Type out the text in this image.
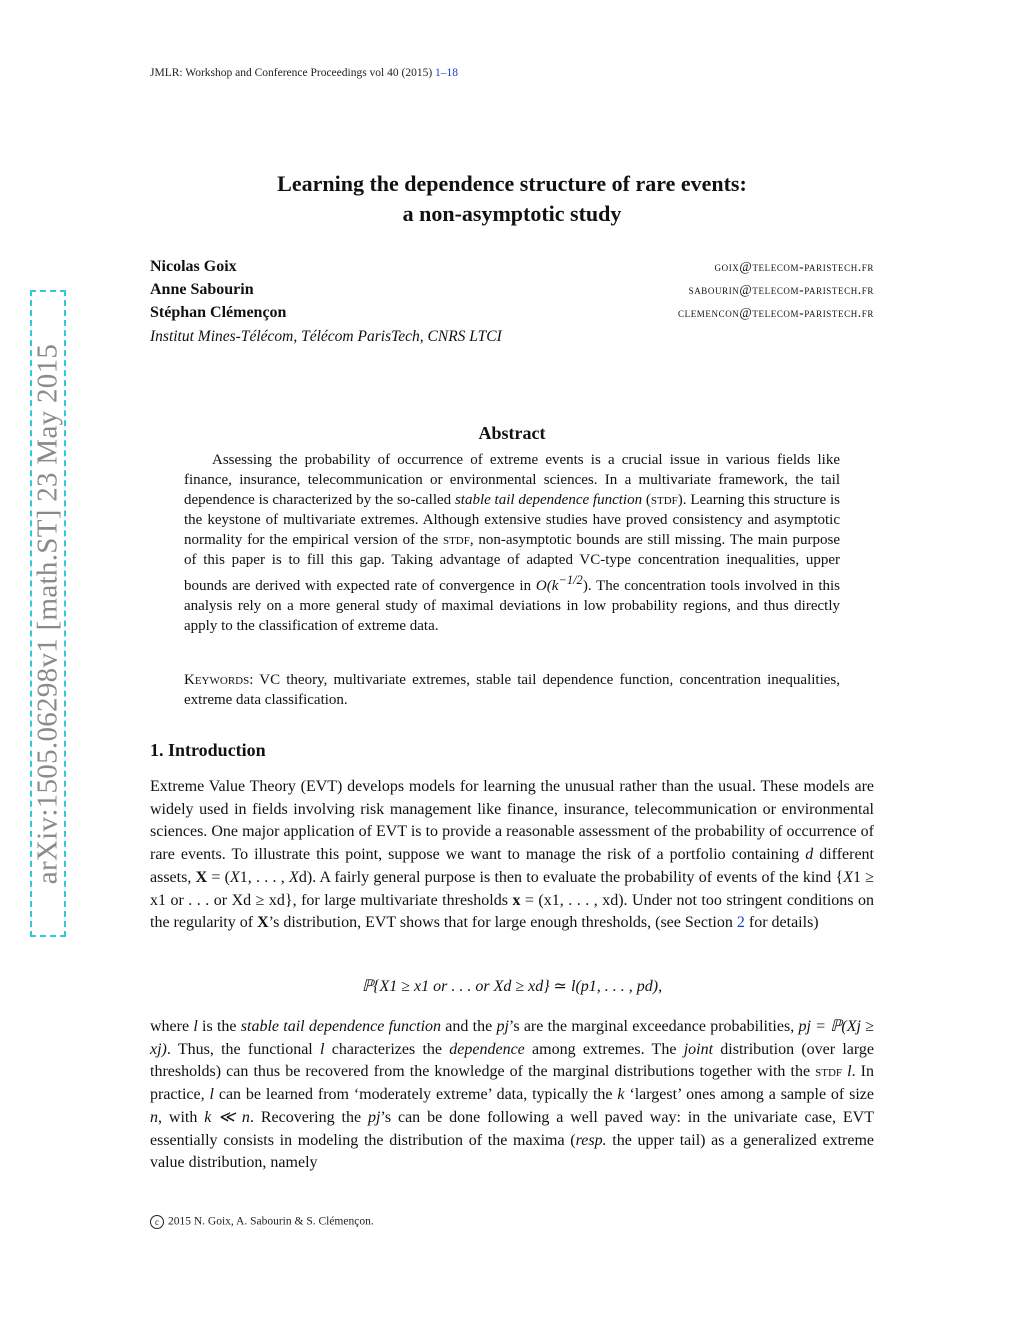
arXiv:1505.06298v1 [math.ST] 23 May 2015
JMLR: Workshop and Conference Proceedings vol 40 (2015) 1–18
Learning the dependence structure of rare events:
a non-asymptotic study
Nicolas Goix	goix@telecom-paristech.fr
Anne Sabourin	sabourin@telecom-paristech.fr
Stéphan Clémençon	clemencon@telecom-paristech.fr
Institut Mines-Télécom, Télécom ParisTech, CNRS LTCI
Abstract

Assessing the probability of occurrence of extreme events is a crucial issue in various fields like finance, insurance, telecommunication or environmental sciences. In a multivariate framework, the tail dependence is characterized by the so-called stable tail dependence function (stdf). Learning this structure is the keystone of multivariate extremes. Although extensive studies have proved consistency and asymptotic normality for the empirical version of the stdf, non-asymptotic bounds are still missing. The main purpose of this paper is to fill this gap. Taking advantage of adapted VC-type concentration inequalities, upper bounds are derived with expected rate of convergence in $O(k^{-1/2})$. The concentration tools involved in this analysis rely on a more general study of maximal deviations in low probability regions, and thus directly apply to the classification of extreme data.

Keywords: VC theory, multivariate extremes, stable tail dependence function, concentration inequalities, extreme data classification.
1. Introduction
Extreme Value Theory (EVT) develops models for learning the unusual rather than the usual. These models are widely used in fields involving risk management like finance, insurance, telecommunication or environmental sciences. One major application of EVT is to provide a reasonable assessment of the probability of occurrence of rare events. To illustrate this point, suppose we want to manage the risk of a portfolio containing d different assets, X = (X1, . . . , Xd). A fairly general purpose is then to evaluate the probability of events of the kind {X1 ≥ x1 or . . . or Xd ≥ xd}, for large multivariate thresholds x = (x1, . . . , xd). Under not too stringent conditions on the regularity of X’s distribution, EVT shows that for large enough thresholds, (see Section 2 for details)
ℙ{X1 ≥ x1 or . . . or Xd ≥ xd} ≃ l(p1, . . . , pd),
where l is the stable tail dependence function and the pj’s are the marginal exceedance probabilities, pj = ℙ(Xj ≥ xj). Thus, the functional l characterizes the dependence among extremes. The joint distribution (over large thresholds) can thus be recovered from the knowledge of the marginal distributions together with the stdf l. In practice, l can be learned from ‘moderately extreme’ data, typically the k ‘largest’ ones among a sample of size n, with k ≪ n. Recovering the pj’s can be done following a well paved way: in the univariate case, EVT essentially consists in modeling the distribution of the maxima (resp. the upper tail) as a generalized extreme value distribution, namely
c 2015 N. Goix, A. Sabourin & S. Clémençon.
